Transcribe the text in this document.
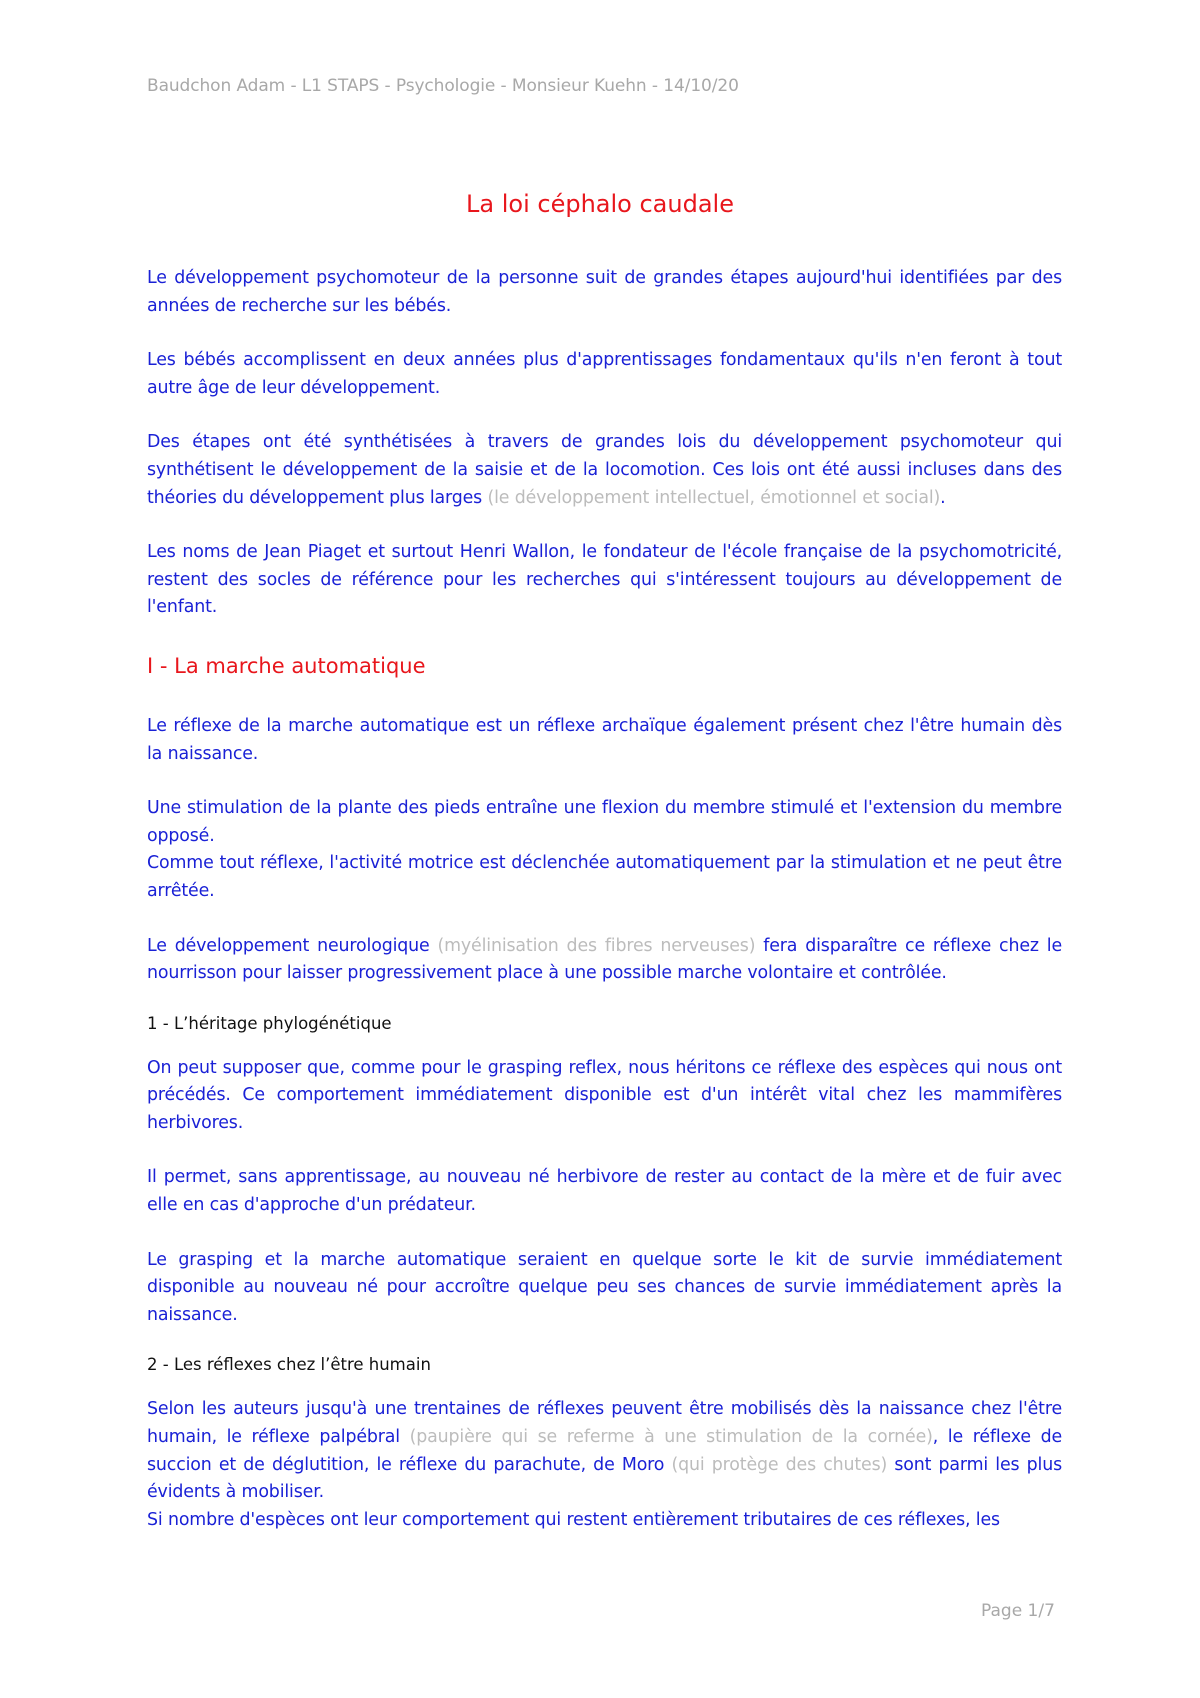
Baudchon Adam - L1 STAPS - Psychologie - Monsieur Kuehn - 14/10/20
La loi céphalo caudale

Le développement psychomoteur de la personne suit de grandes étapes aujourd'hui identifiées par des années de recherche sur les bébés.

Les bébés accomplissent en deux années plus d'apprentissages fondamentaux qu'ils n'en feront à tout autre âge de leur développement.

Des étapes ont été synthétisées à travers de grandes lois du développement psychomoteur qui synthétisent le développement de la saisie et de la locomotion. Ces lois ont été aussi incluses dans des théories du développement plus larges (le développement intellectuel, émotionnel et social).

Les noms de Jean Piaget et surtout Henri Wallon, le fondateur de l'école française de la psychomotricité, restent des socles de référence pour les recherches qui s'intéressent toujours au développement de l'enfant.

I - La marche automatique

Le réflexe de la marche automatique est un réflexe archaïque également présent chez l'être humain dès la naissance.

Une stimulation de la plante des pieds entraîne une flexion du membre stimulé et l'extension du membre opposé.

Comme tout réflexe, l'activité motrice est déclenchée automatiquement par la stimulation et ne peut être arrêtée.

Le développement neurologique (myélinisation des fibres nerveuses) fera disparaître ce réflexe chez le nourrisson pour laisser progressivement place à une possible marche volontaire et contrôlée.

1 - L’héritage phylogénétique

On peut supposer que, comme pour le grasping reflex, nous héritons ce réflexe des espèces qui nous ont précédés. Ce comportement immédiatement disponible est d'un intérêt vital chez les mammifères herbivores.

Il permet, sans apprentissage, au nouveau né herbivore de rester au contact de la mère et de fuir avec elle en cas d'approche d'un prédateur.

Le grasping et la marche automatique seraient en quelque sorte le kit de survie immédiatement disponible au nouveau né pour accroître quelque peu ses chances de survie immédiatement après la naissance.

2 - Les réflexes chez l’être humain

Selon les auteurs jusqu'à une trentaines de réflexes peuvent être mobilisés dès la naissance chez l'être humain, le réflexe palpébral (paupière qui se referme à une stimulation de la cornée), le réflexe de succion et de déglutition, le réflexe du parachute, de Moro (qui protège des chutes) sont parmi les plus évidents à mobiliser.

Si nombre d'espèces ont leur comportement qui restent entièrement tributaires de ces réflexes, les

Page 1/7
